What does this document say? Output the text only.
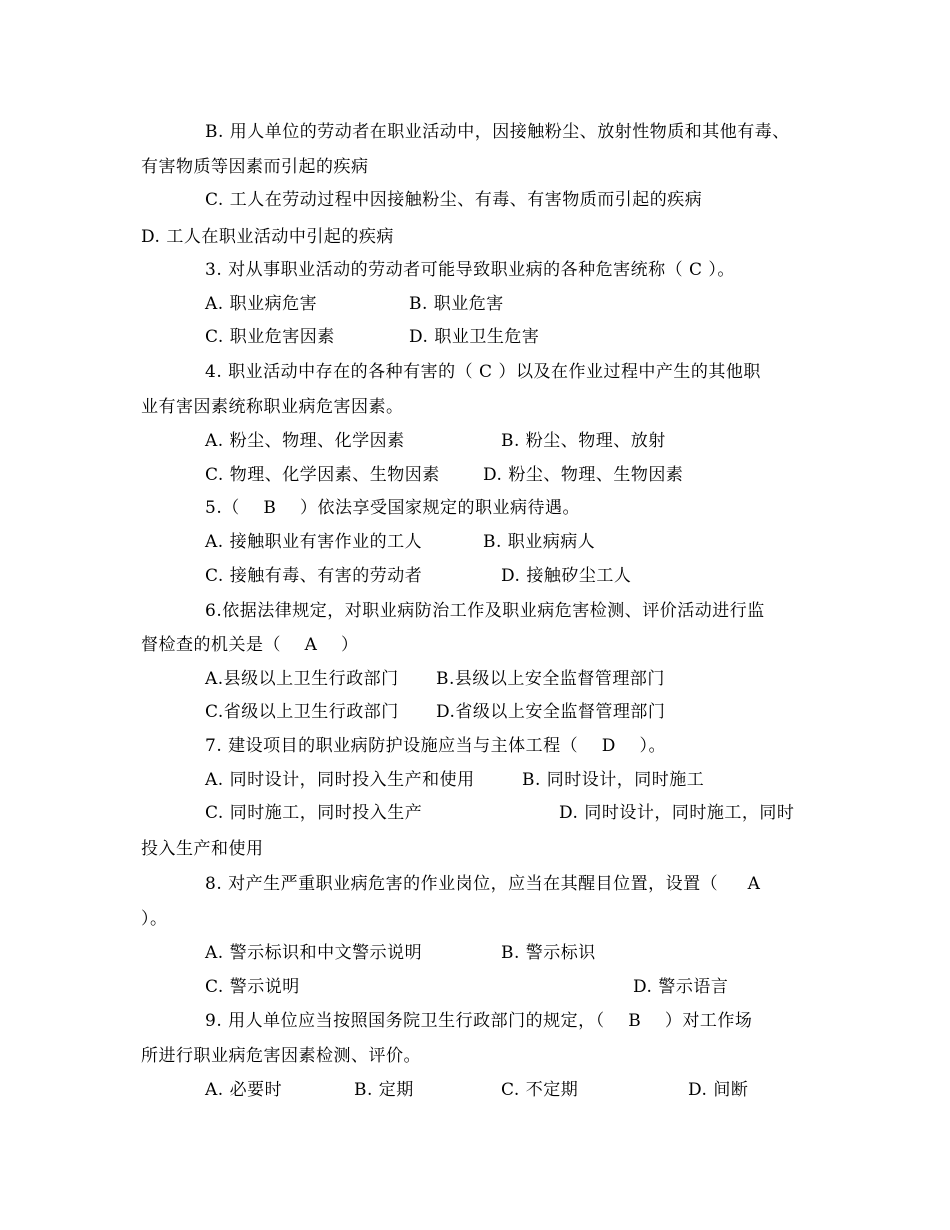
B. 用人单位的劳动者在职业活动中，因接触粉尘、放射性物质和其他有毒、
有害物质等因素而引起的疾病
C. 工人在劳动过程中因接触粉尘、有毒、有害物质而引起的疾病
D. 工人在职业活动中引起的疾病
3. 对从事职业活动的劳动者可能导致职业病的各种危害统称（ C ）。
A. 职业病危害	B. 职业危害
C. 职业危害因素	D. 职业卫生危害
4. 职业活动中存在的各种有害的（ C ）以及在作业过程中产生的其他职
业有害因素统称职业病危害因素。
A. 粉尘、物理、化学因素	B. 粉尘、物理、放射
C. 物理、化学因素、生物因素	D. 粉尘、物理、生物因素
5.（    B    ）依法享受国家规定的职业病待遇。
A. 接触职业有害作业的工人	B. 职业病病人
C. 接触有毒、有害的劳动者	D. 接触矽尘工人
6.依据法律规定，对职业病防治工作及职业病危害检测、评价活动进行监
督检查的机关是（    A    ）
A.县级以上卫生行政部门 B.县级以上安全监督管理部门
C.省级以上卫生行政部门 D.省级以上安全监督管理部门
7. 建设项目的职业病防护设施应当与主体工程（    D    ）。
A. 同时设计，同时投入生产和使用	B. 同时设计，同时施工
C. 同时施工，同时投入生产	D. 同时设计，同时施工，同时
投入生产和使用
8. 对产生严重职业病危害的作业岗位，应当在其醒目位置，设置（     A
）。
A. 警示标识和中文警示说明	B. 警示标识
C. 警示说明	D. 警示语言
9. 用人单位应当按照国务院卫生行政部门的规定，（    B    ）对工作场
所进行职业病危害因素检测、评价。
A. 必要时	B. 定期	C. 不定期	D. 间断
